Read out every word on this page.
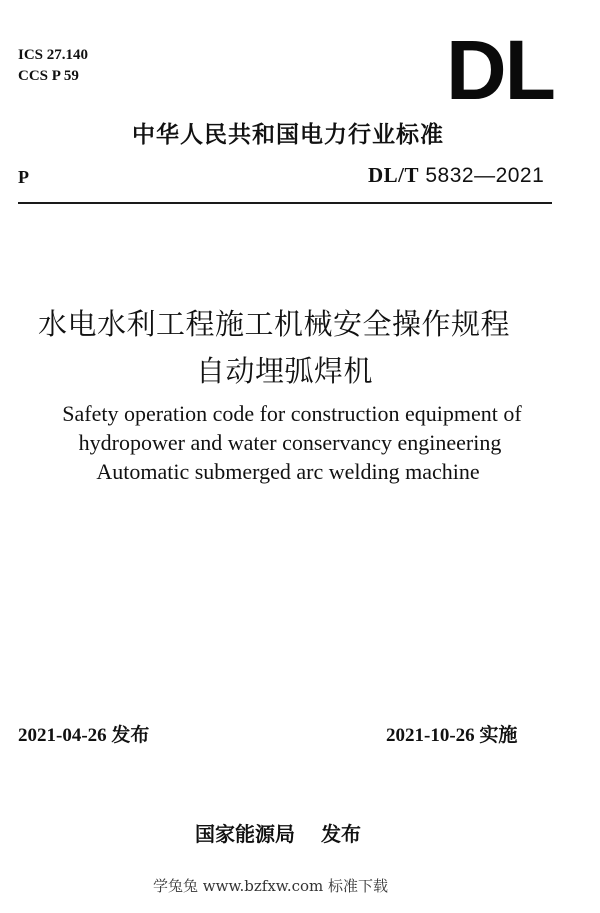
ICS 27.140
CCS P 59	DL
中华人民共和国电力行业标准
P	DL/T 5832—2021
水电水利工程施工机械安全操作规程
自动埋弧焊机
Safety operation code for construction equipment of
hydropower and water conservancy engineering
Automatic submerged arc welding machine
2021-04-26 发布	2021-10-26 实施
国家能源局 发布
学兔兔 www.bzfxw.com 标准下载
